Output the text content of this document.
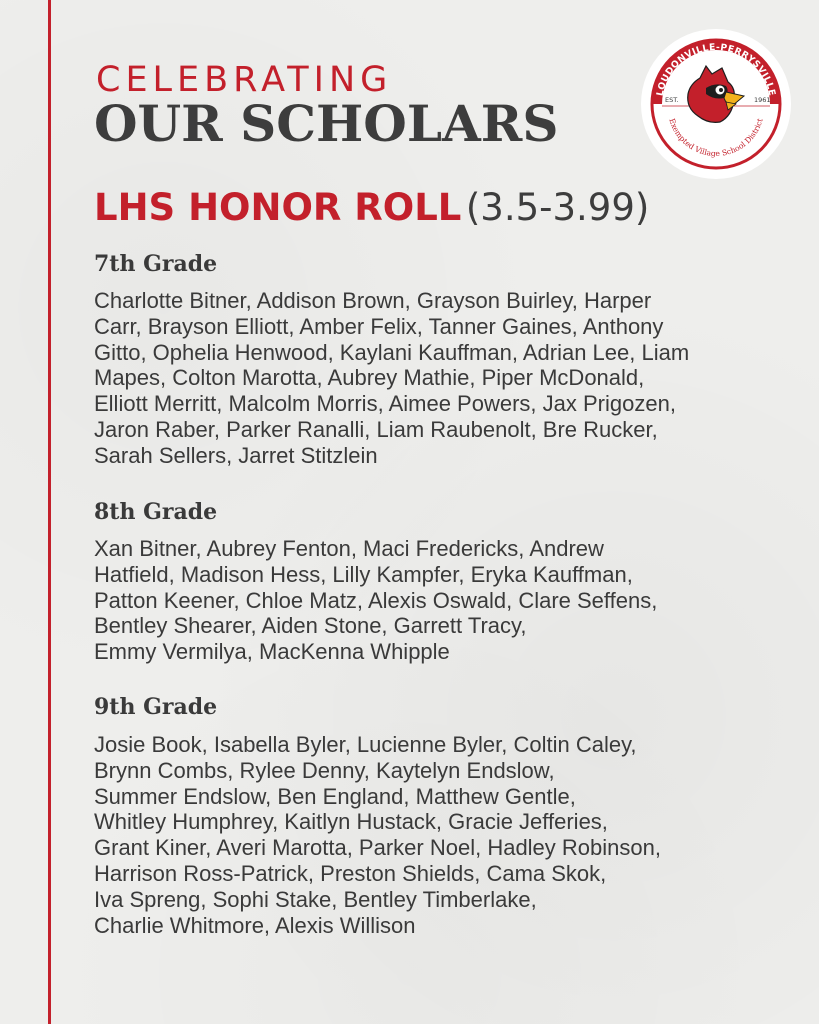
CELEBRATING
OUR SCHOLARS
LHS HONOR ROLL (3.5-3.99)
LOUDONVILLE-PERRYSVILLE
Exempted Village School District
EST.	1961
7th Grade
Charlotte Bitner, Addison Brown, Grayson Buirley, Harper
Carr, Brayson Elliott, Amber Felix, Tanner Gaines, Anthony
Gitto, Ophelia Henwood, Kaylani Kauffman, Adrian Lee, Liam
Mapes, Colton Marotta, Aubrey Mathie, Piper McDonald,
Elliott Merritt, Malcolm Morris, Aimee Powers, Jax Prigozen,
Jaron Raber, Parker Ranalli, Liam Raubenolt, Bre Rucker,
Sarah Sellers, Jarret Stitzlein
8th Grade
Xan Bitner, Aubrey Fenton, Maci Fredericks, Andrew
Hatfield, Madison Hess, Lilly Kampfer, Eryka Kauffman,
Patton Keener, Chloe Matz, Alexis Oswald, Clare Seffens,
Bentley Shearer, Aiden Stone, Garrett Tracy,
Emmy Vermilya, MacKenna Whipple
9th Grade
Josie Book, Isabella Byler, Lucienne Byler, Coltin Caley,
Brynn Combs, Rylee Denny, Kaytelyn Endslow,
Summer Endslow, Ben England, Matthew Gentle,
Whitley Humphrey, Kaitlyn Hustack, Gracie Jefferies,
Grant Kiner, Averi Marotta, Parker Noel, Hadley Robinson,
Harrison Ross-Patrick, Preston Shields, Cama Skok,
Iva Spreng, Sophi Stake, Bentley Timberlake,
Charlie Whitmore, Alexis Willison
